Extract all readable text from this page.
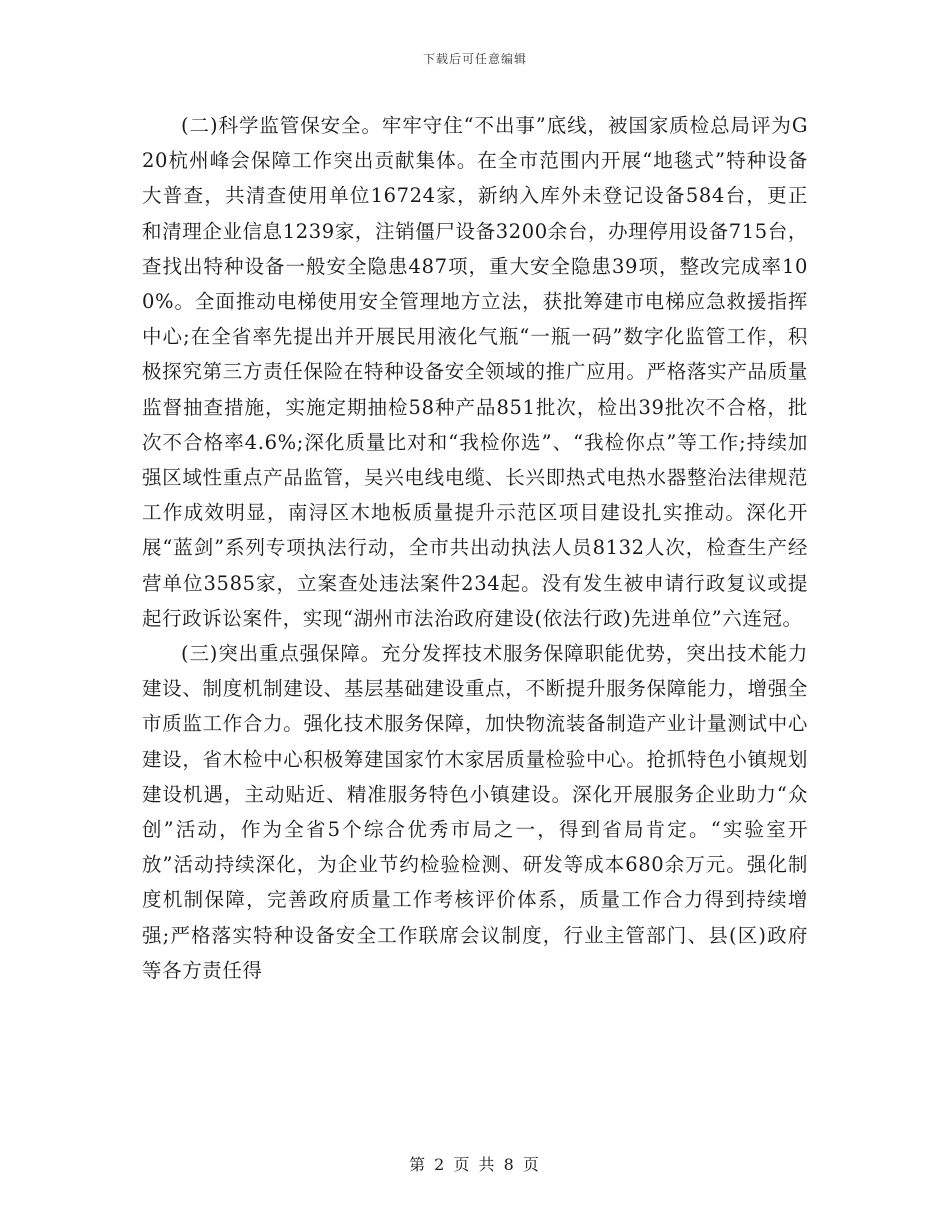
下载后可任意编辑

(二)科学监管保安全。牢牢守住“不出事”底线，被国家质检总局评为G20杭州峰会保障工作突出贡献集体。在全市范围内开展“地毯式”特种设备大普查，共清查使用单位16724家，新纳入库外未登记设备584台，更正和清理企业信息1239家，注销僵尸设备3200余台，办理停用设备715台，查找出特种设备一般安全隐患487项，重大安全隐患39项，整改完成率100%。全面推动电梯使用安全管理地方立法，获批筹建市电梯应急救援指挥中心;在全省率先提出并开展民用液化气瓶“一瓶一码”数字化监管工作，积极探究第三方责任保险在特种设备安全领域的推广应用。严格落实产品质量监督抽查措施，实施定期抽检58种产品851批次，检出39批次不合格，批次不合格率4.6%;深化质量比对和“我检你选”、“我检你点”等工作;持续加强区域性重点产品监管，吴兴电线电缆、长兴即热式电热水器整治法律规范工作成效明显，南浔区木地板质量提升示范区项目建设扎实推动。深化开展“蓝剑”系列专项执法行动，全市共出动执法人员8132人次，检查生产经营单位3585家，立案查处违法案件234起。没有发生被申请行政复议或提起行政诉讼案件，实现“湖州市法治政府建设(依法行政)先进单位”六连冠。

(三)突出重点强保障。充分发挥技术服务保障职能优势，突出技术能力建设、制度机制建设、基层基础建设重点，不断提升服务保障能力，增强全市质监工作合力。强化技术服务保障，加快物流装备制造产业计量测试中心建设，省木检中心积极筹建国家竹木家居质量检验中心。抢抓特色小镇规划建设机遇，主动贴近、精准服务特色小镇建设。深化开展服务企业助力“众创”活动，作为全省5个综合优秀市局之一，得到省局肯定。“实验室开放”活动持续深化，为企业节约检验检测、研发等成本680余万元。强化制度机制保障，完善政府质量工作考核评价体系，质量工作合力得到持续增强;严格落实特种设备安全工作联席会议制度，行业主管部门、县(区)政府等各方责任得

第 2 页 共 8 页
